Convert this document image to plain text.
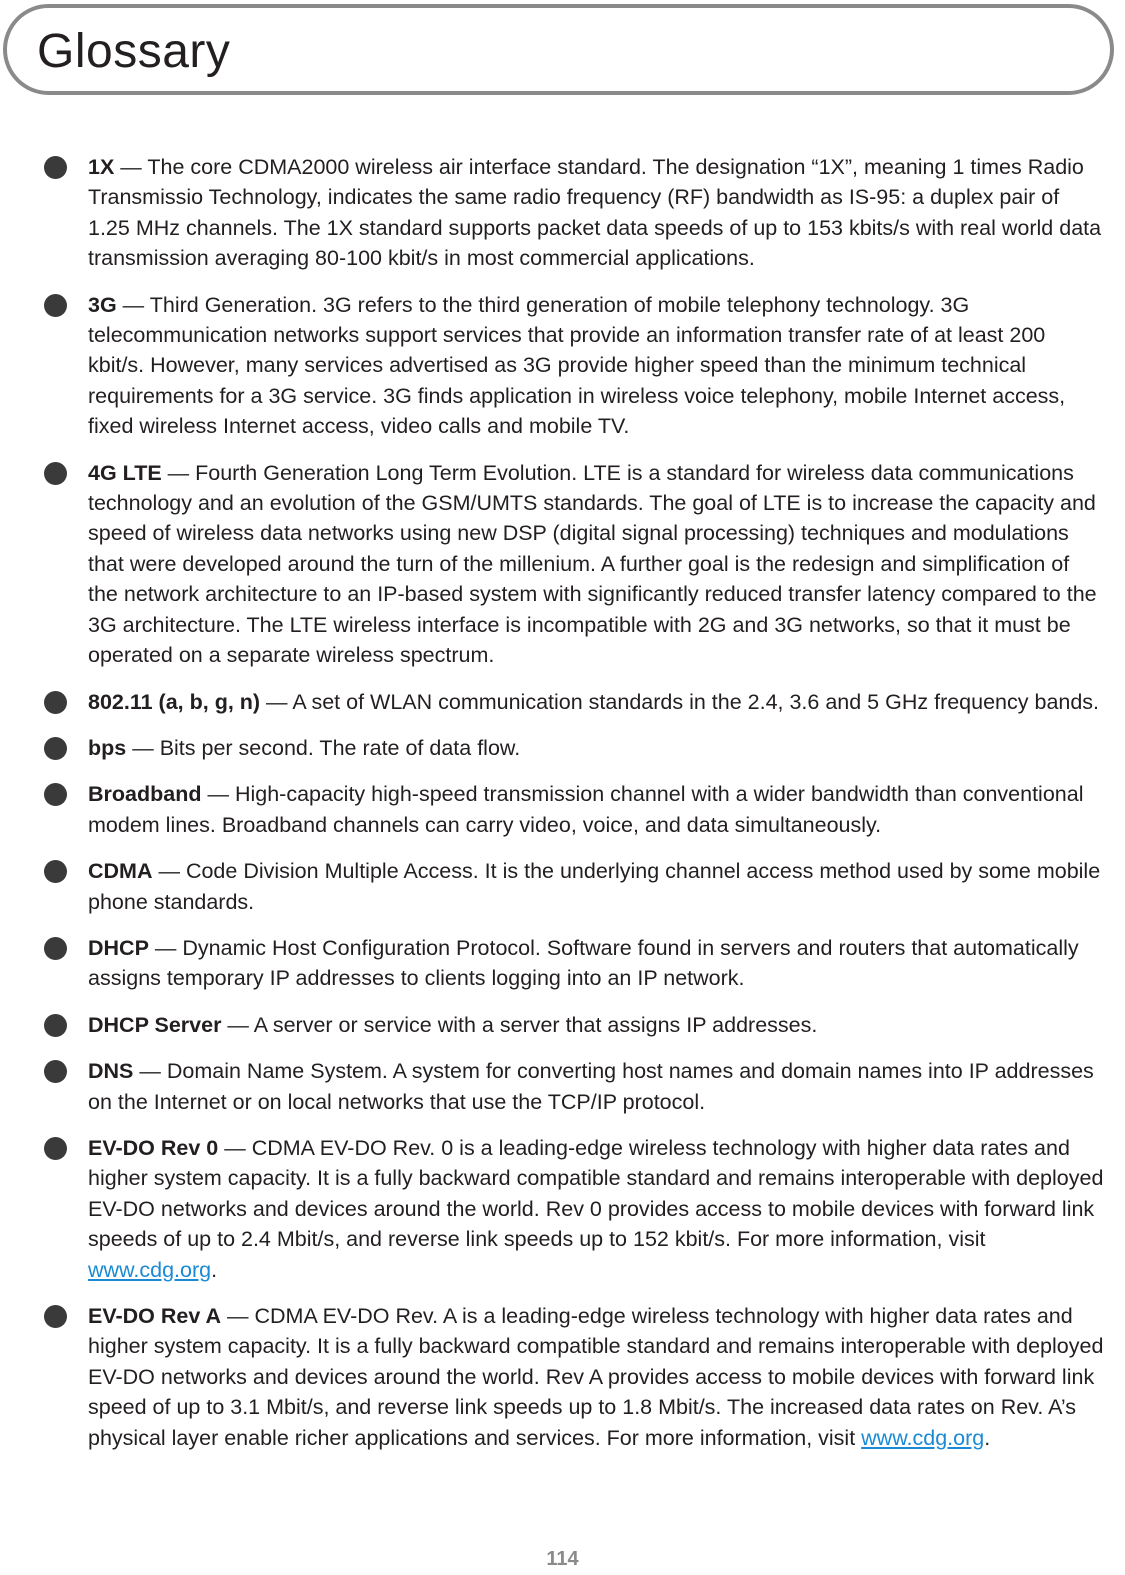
Glossary
1X — The core CDMA2000 wireless air interface standard. The designation “1X”, meaning 1 times Radio Transmissio Technology, indicates the same radio frequency (RF) bandwidth as IS-95: a duplex pair of 1.25 MHz channels. The 1X standard supports packet data speeds of up to 153 kbits/s with real world data transmission averaging 80-100 kbit/s in most commercial applications.
3G — Third Generation. 3G refers to the third generation of mobile telephony technology. 3G telecommunication networks support services that provide an information transfer rate of at least 200 kbit/s. However, many services advertised as 3G provide higher speed than the minimum technical requirements for a 3G service. 3G finds application in wireless voice telephony, mobile Internet access, fixed wireless Internet access, video calls and mobile TV.
4G LTE — Fourth Generation Long Term Evolution. LTE is a standard for wireless data communications technology and an evolution of the GSM/UMTS standards. The goal of LTE is to increase the capacity and speed of wireless data networks using new DSP (digital signal processing) techniques and modulations that were developed around the turn of the millenium. A further goal is the redesign and simplification of the network architecture to an IP-based system with significantly reduced transfer latency compared to the 3G architecture. The LTE wireless interface is incompatible with 2G and 3G networks, so that it must be operated on a separate wireless spectrum.
802.11 (a, b, g, n) — A set of WLAN communication standards in the 2.4, 3.6 and 5 GHz frequency bands.
bps — Bits per second. The rate of data flow.
Broadband — High-capacity high-speed transmission channel with a wider bandwidth than conventional modem lines. Broadband channels can carry video, voice, and data simultaneously.
CDMA — Code Division Multiple Access. It is the underlying channel access method used by some mobile phone standards.
DHCP — Dynamic Host Configuration Protocol. Software found in servers and routers that automatically assigns temporary IP addresses to clients logging into an IP network.
DHCP Server — A server or service with a server that assigns IP addresses.
DNS — Domain Name System. A system for converting host names and domain names into IP addresses on the Internet or on local networks that use the TCP/IP protocol.
EV-DO Rev 0 — CDMA EV-DO Rev. 0 is a leading-edge wireless technology with higher data rates and higher system capacity. It is a fully backward compatible standard and remains interoperable with deployed EV-DO networks and devices around the world. Rev 0 provides access to mobile devices with forward link speeds of up to 2.4 Mbit/s, and reverse link speeds up to 152 kbit/s. For more information, visit www.cdg.org.
EV-DO Rev A — CDMA EV-DO Rev. A is a leading-edge wireless technology with higher data rates and higher system capacity. It is a fully backward compatible standard and remains interoperable with deployed EV-DO networks and devices around the world. Rev A provides access to mobile devices with forward link speed of up to 3.1 Mbit/s, and reverse link speeds up to 1.8 Mbit/s. The increased data rates on Rev. A’s physical layer enable richer applications and services. For more information, visit www.cdg.org.
114
